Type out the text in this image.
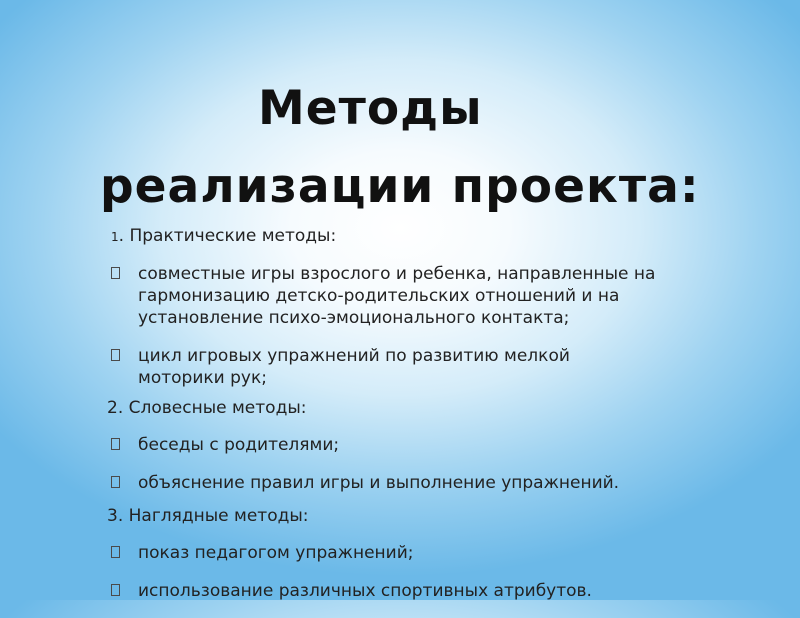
Методы
реализации проекта:
1. Практические методы:
совместные игры взрослого и ребенка, направленные на гармонизацию детско-родительских отношений и на установление психо-эмоционального контакта;
цикл игровых упражнений по развитию мелкой моторики рук;
2. Словесные методы:
беседы с родителями;
объяснение правил игры и выполнение упражнений.
3. Наглядные методы:
показ педагогом упражнений;
использование различных спортивных атрибутов.
